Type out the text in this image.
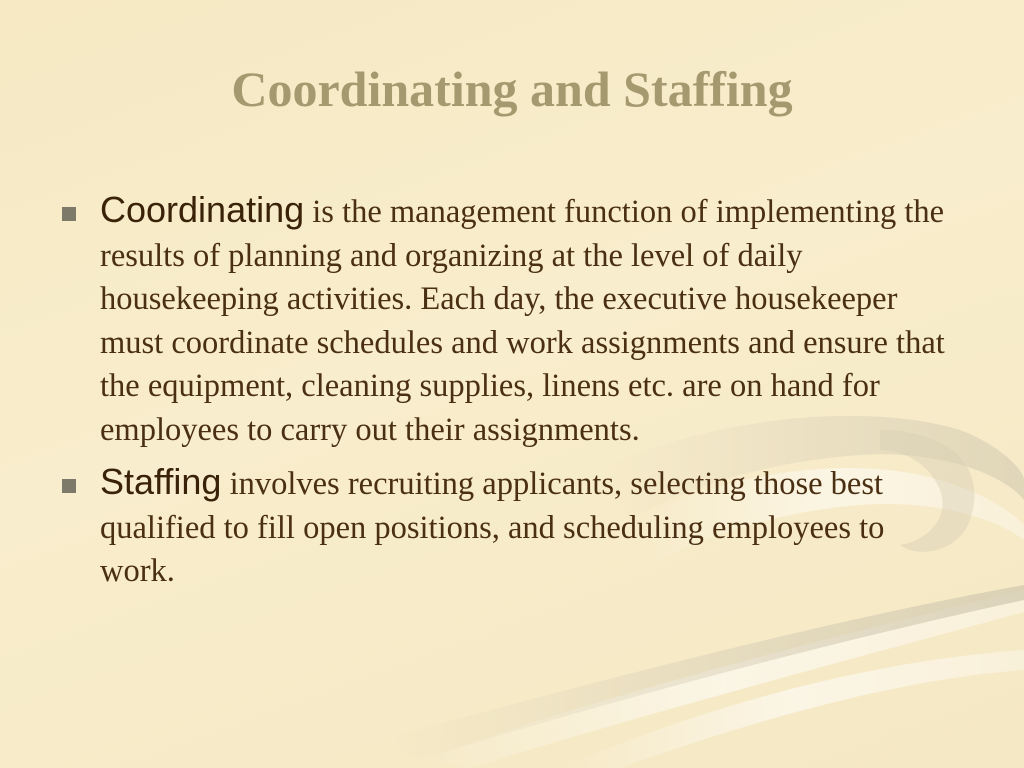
Coordinating and Staffing
Coordinating is the management function of implementing the results of planning and organizing at the level of daily housekeeping activities. Each day, the executive housekeeper must coordinate schedules and work assignments and ensure that the equipment, cleaning supplies, linens etc. are on hand for employees to carry out their assignments.
Staffing involves recruiting applicants, selecting those best qualified to fill open positions, and scheduling employees to work.
